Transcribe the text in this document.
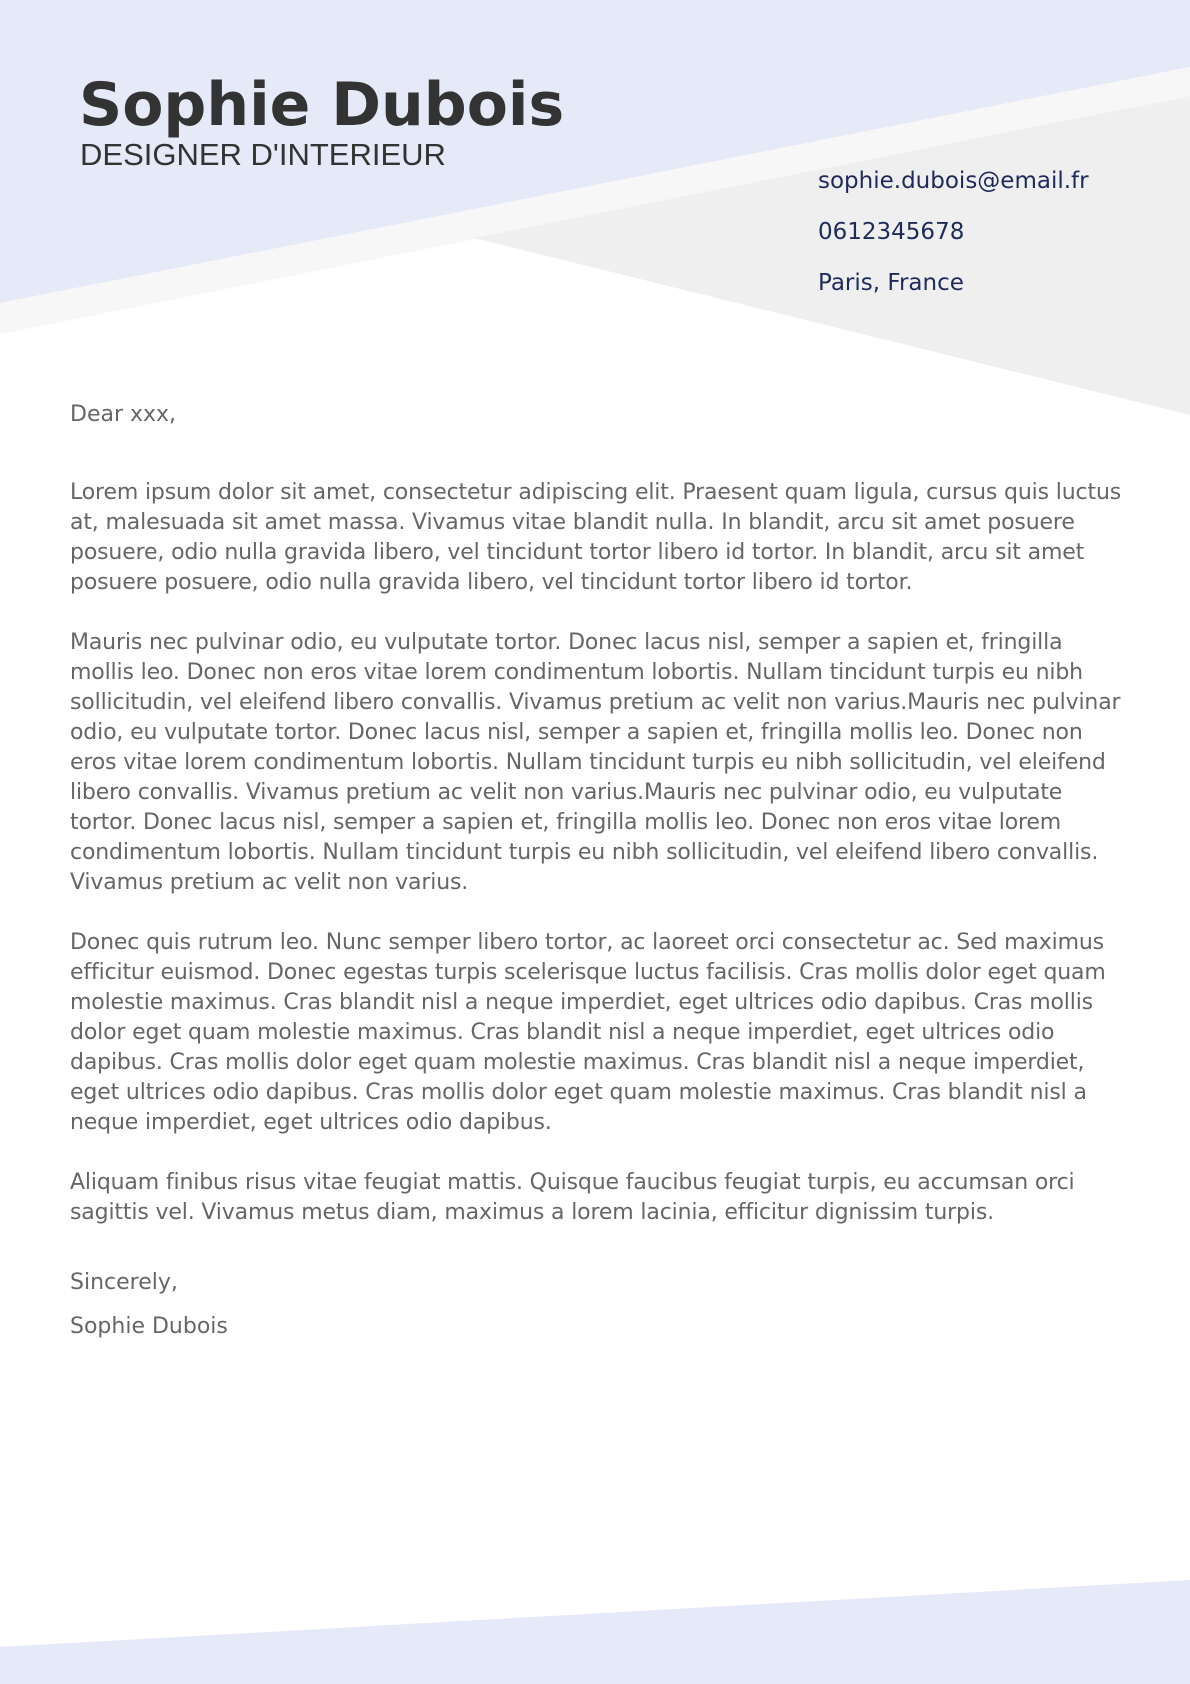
Sophie Dubois
DESIGNER D'INTERIEUR
sophie.dubois@email.fr
0612345678
Paris, France

Dear xxx,

Lorem ipsum dolor sit amet, consectetur adipiscing elit. Praesent quam ligula, cursus quis luctus at, malesuada sit amet massa. Vivamus vitae blandit nulla. In blandit, arcu sit amet posuere posuere, odio nulla gravida libero, vel tincidunt tortor libero id tortor. In blandit, arcu sit amet posuere posuere, odio nulla gravida libero, vel tincidunt tortor libero id tortor.

Mauris nec pulvinar odio, eu vulputate tortor. Donec lacus nisl, semper a sapien et, fringilla mollis leo. Donec non eros vitae lorem condimentum lobortis. Nullam tincidunt turpis eu nibh sollicitudin, vel eleifend libero convallis. Vivamus pretium ac velit non varius.Mauris nec pulvinar odio, eu vulputate tortor. Donec lacus nisl, semper a sapien et, fringilla mollis leo. Donec non eros vitae lorem condimentum lobortis. Nullam tincidunt turpis eu nibh sollicitudin, vel eleifend libero convallis. Vivamus pretium ac velit non varius.Mauris nec pulvinar odio, eu vulputate tortor. Donec lacus nisl, semper a sapien et, fringilla mollis leo. Donec non eros vitae lorem condimentum lobortis. Nullam tincidunt turpis eu nibh sollicitudin, vel eleifend libero convallis. Vivamus pretium ac velit non varius.

Donec quis rutrum leo. Nunc semper libero tortor, ac laoreet orci consectetur ac. Sed maximus efficitur euismod. Donec egestas turpis scelerisque luctus facilisis. Cras mollis dolor eget quam molestie maximus. Cras blandit nisl a neque imperdiet, eget ultrices odio dapibus. Cras mollis dolor eget quam molestie maximus. Cras blandit nisl a neque imperdiet, eget ultrices odio dapibus. Cras mollis dolor eget quam molestie maximus. Cras blandit nisl a neque imperdiet, eget ultrices odio dapibus. Cras mollis dolor eget quam molestie maximus. Cras blandit nisl a neque imperdiet, eget ultrices odio dapibus.

Aliquam finibus risus vitae feugiat mattis. Quisque faucibus feugiat turpis, eu accumsan orci sagittis vel. Vivamus metus diam, maximus a lorem lacinia, efficitur dignissim turpis.

Sincerely,

Sophie Dubois
